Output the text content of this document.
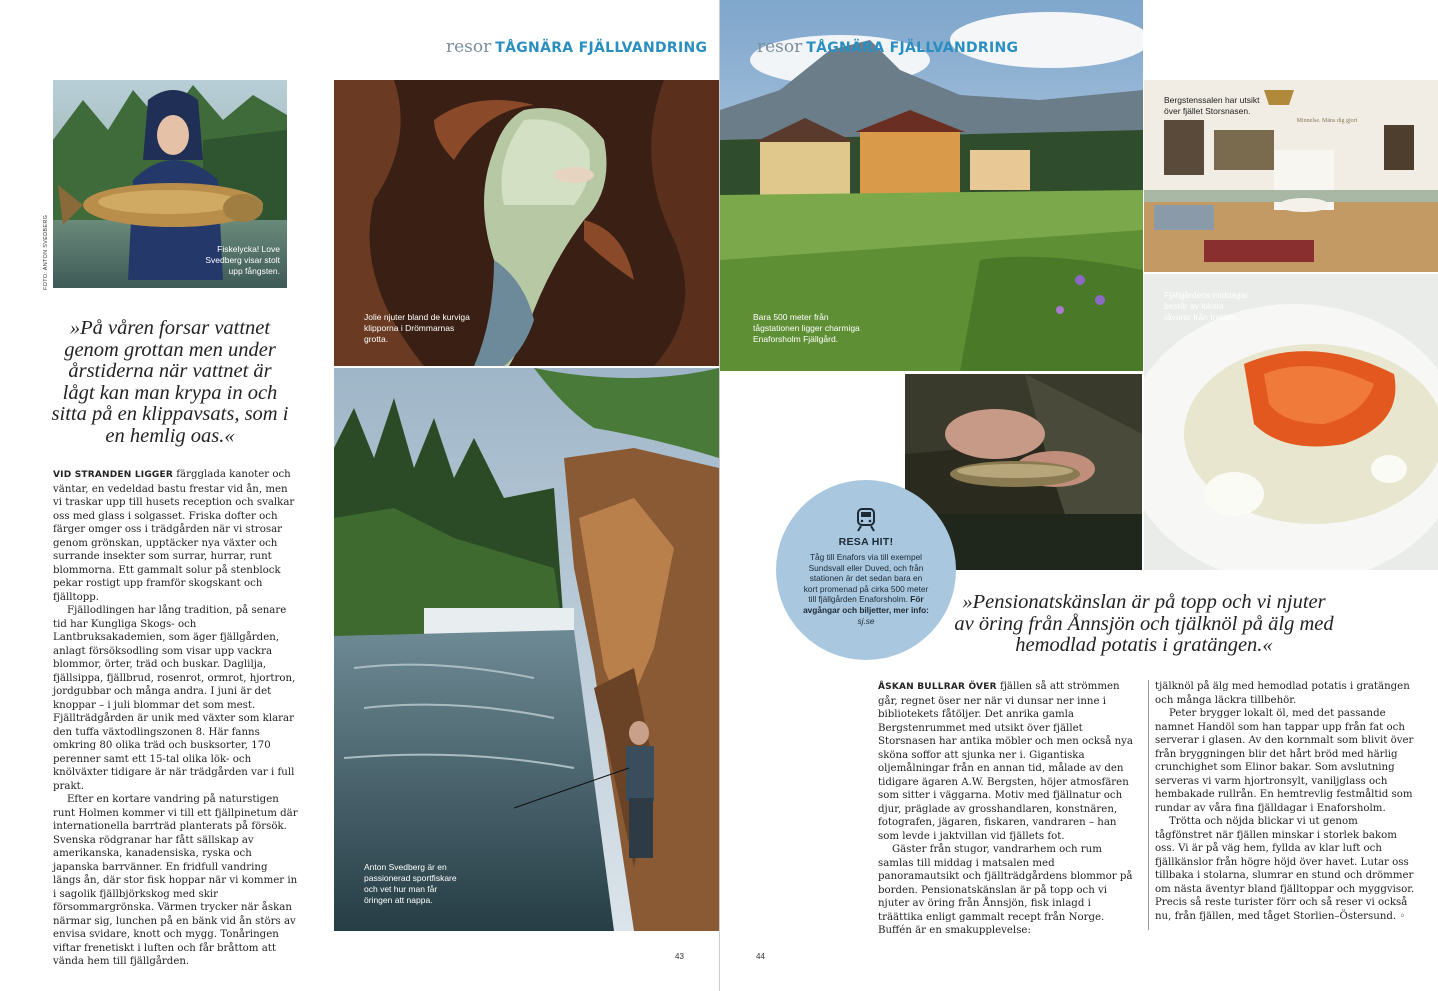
resor TÅGNÄRA FJÄLLVANDRING
Fiskelycka! Love Svedberg visar stolt upp fångsten.
FOTO: ANTON SVEDBERG
»På våren forsar vattnet genom grottan men under årstiderna när vattnet är lågt kan man krypa in och sitta på en klippavsats, som i en hemlig oas.«

VID STRANDEN LIGGER färgglada kanoter och väntar, en vedeldad bastu frestar vid ån, men vi traskar upp till husets reception och svalkar oss med glass i solgasset. Friska dofter och färger omger oss i trädgården när vi strosar genom grönskan, upptäcker nya växter och surrande insekter som surrar, hurrar, runt blommorna. Ett gammalt solur på stenblock pekar rostigt upp framför skogskant och fjälltopp.

Fjällodlingen har lång tradition, på senare tid har Kungliga Skogs- och Lantbruksakademien, som äger fjällgården, anlagt försöksodling som visar upp vackra blommor, örter, träd och buskar. Daglilja, fjällsippa, fjällbrud, rosenrot, ormrot, hjortron, jordgubbar och många andra. I juni är det knoppar – i juli blommar det som mest. Fjällträdgården är unik med växter som klarar den tuffa växtodlingszonen 8. Här fanns omkring 80 olika träd och busksorter, 170 perenner samt ett 15-tal olika lök- och knölväxter tidigare är när trädgården var i full prakt.

Efter en kortare vandring på naturstigen runt Holmen kommer vi till ett fjällpinetum där internationella barrträd planterats på försök. Svenska rödgranar har fått sällskap av amerikanska, kanadensiska, ryska och japanska barrvänner. En fridfull vandring längs ån, där stor fisk hoppar när vi kommer in i sagolik fjällbjörkskog med skir försommargrönska. Värmen trycker när åskan närmar sig, lunchen på en bänk vid ån störs av envisa svidare, knott och mygg. Tonåringen viftar frenetiskt i luften och får bråttom att vända hem till fjällgården.

Jolie njuter bland de kurviga klipporna i Drömmarnas grotta.
Anton Svedberg är en passionerad sportfiskare och vet hur man får öringen att nappa.
43
resor TÅGNÄRA FJÄLLVANDRING
Bara 500 meter från tågstationen ligger charmiga Enaforsholm Fjällgård.
Bergstenssalen har utsikt över fjället Storsnasen.
Minnelse. Mäns dig gjort
Fjällgårdens middagar består av lokala råvaror från trakten.
RESA HIT!
Tåg till Enafors via till exempel Sundsvall eller Duved, och från stationen är det sedan bara en kort promenad på cirka 500 meter till fjällgården Enaforsholm. För avgångar och biljetter, mer info: sj.se
»Pensionatskänslan är på topp och vi njuter av öring från Ånnsjön och tjälknöl på älg med hemodlad potatis i gratängen.«

ÅSKAN BULLRAR ÖVER fjällen så att strömmen går, regnet öser ner när vi dunsar ner inne i bibliotekets fåtöljer. Det anrika gamla Bergstenrummet med utsikt över fjället Storsnasen har antika möbler och men också nya sköna soffor att sjunka ner i. Gigantiska oljemålningar från en annan tid, målade av den tidigare ägaren A.W. Bergsten, höjer atmosfären som sitter i väggarna. Motiv med fjällnatur och djur, präglade av grosshandlaren, konstnären, fotografen, jägaren, fiskaren, vandraren – han som levde i jaktvillan vid fjällets fot.

Gäster från stugor, vandrarhem och rum samlas till middag i matsalen med panoramautsikt och fjällträdgårdens blommor på borden. Pensionatskänslan är på topp och vi njuter av öring från Ånnsjön, fisk inlagd i träättika enligt gammalt recept från Norge. Buffén är en smakupplevelse:

tjälknöl på älg med hemodlad potatis i gratängen och många läckra tillbehör.

Peter brygger lokalt öl, med det passande namnet Handöl som han tappar upp från fat och serverar i glasen. Av den kornmalt som blivit över från bryggningen blir det hårt bröd med härlig crunchighet som Elinor bakar. Som avslutning serveras vi varm hjortronsylt, vaniljglass och hembakade rullrån. En hemtrevlig festmåltid som rundar av våra fina fjälldagar i Enaforsholm.

Trötta och nöjda blickar vi ut genom tågfönstret när fjällen minskar i storlek bakom oss. Vi är på väg hem, fyllda av klar luft och fjällkänslor från högre höjd över havet. Lutar oss tillbaka i stolarna, slumrar en stund och drömmer om nästa äventyr bland fjälltoppar och myggvisor. Precis så reste turister förr och så reser vi också nu, från fjällen, med tåget Storlien–Östersund. ◦

44
